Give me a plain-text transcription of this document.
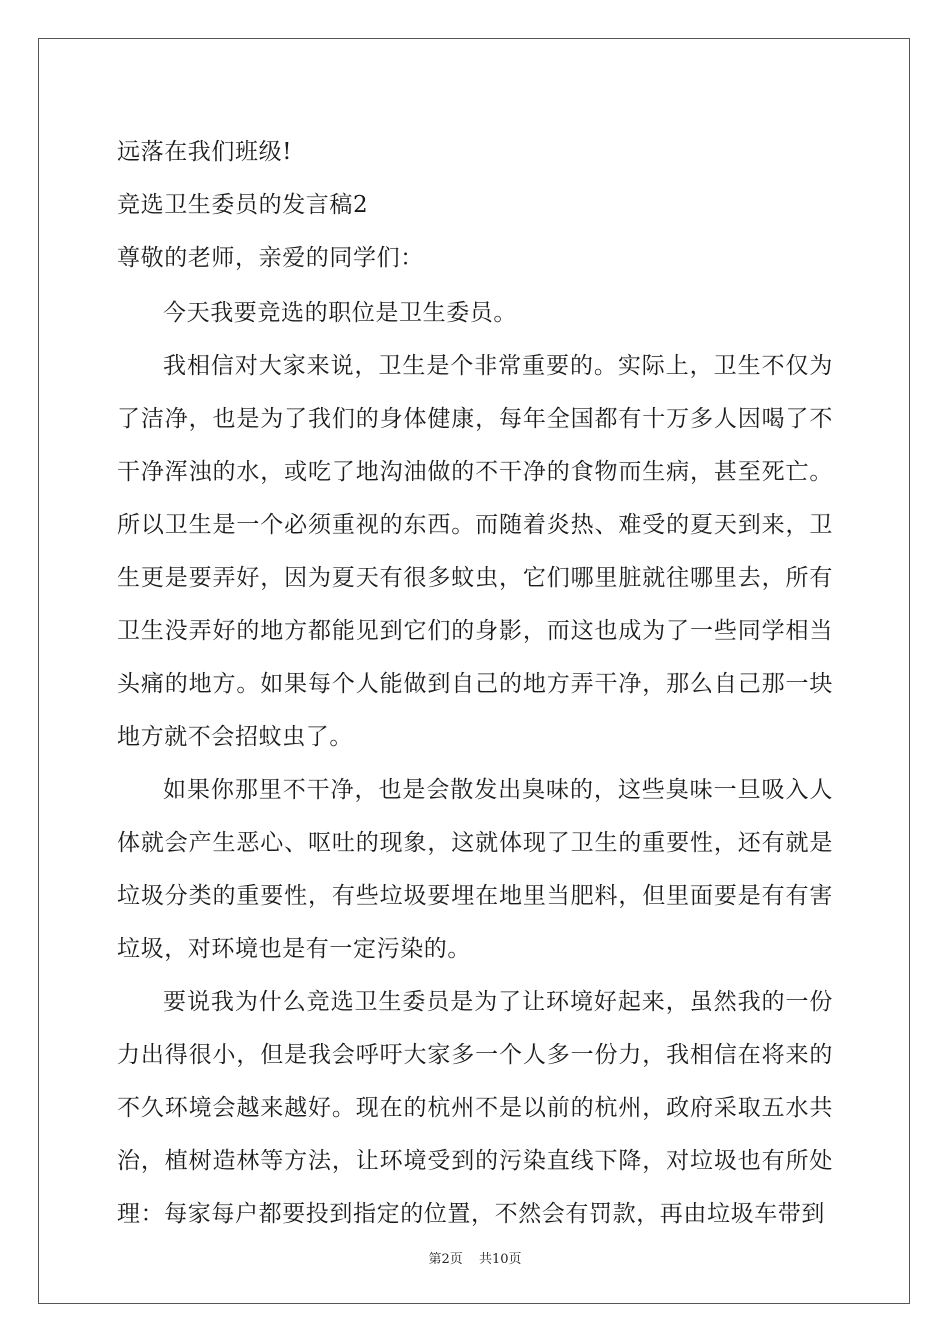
远落在我们班级!
竞选卫生委员的发言稿2
尊敬的老师，亲爱的同学们：

今天我要竞选的职位是卫生委员。

我相信对大家来说，卫生是个非常重要的。实际上，卫生不仅为了洁净，也是为了我们的身体健康，每年全国都有十万多人因喝了不干净浑浊的水，或吃了地沟油做的不干净的食物而生病，甚至死亡。所以卫生是一个必须重视的东西。而随着炎热、难受的夏天到来，卫生更是要弄好，因为夏天有很多蚊虫，它们哪里脏就往哪里去，所有卫生没弄好的地方都能见到它们的身影，而这也成为了一些同学相当头痛的地方。如果每个人能做到自己的地方弄干净，那么自己那一块地方就不会招蚊虫了。

如果你那里不干净，也是会散发出臭味的，这些臭味一旦吸入人体就会产生恶心、呕吐的现象，这就体现了卫生的重要性，还有就是垃圾分类的重要性，有些垃圾要埋在地里当肥料，但里面要是有有害垃圾，对环境也是有一定污染的。

要说我为什么竞选卫生委员是为了让环境好起来，虽然我的一份力出得很小，但是我会呼吁大家多一个人多一份力，我相信在将来的不久环境会越来越好。现在的杭州不是以前的杭州，政府采取五水共治，植树造林等方法，让环境受到的污染直线下降，对垃圾也有所处理：每家每户都要投到指定的位置，不然会有罚款，再由垃圾车带到

第2页 共10页
